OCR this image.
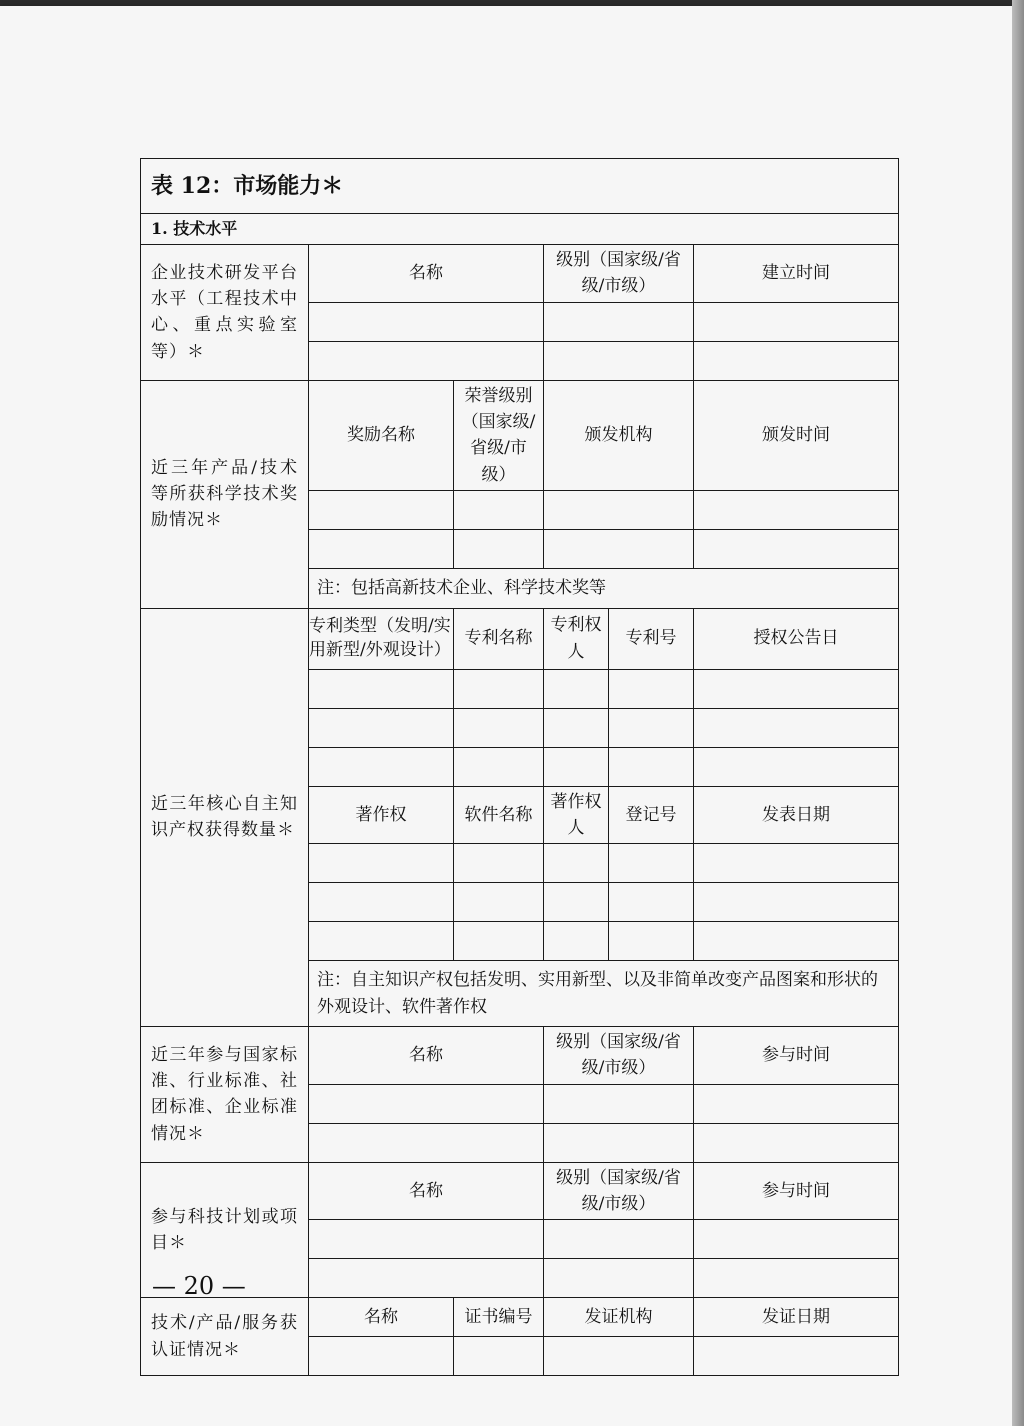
表 12：市场能力＊					
1. 技术水平					
企业技术研发平台水平（工程技术中心、重点实验室等）＊	名称		级别（国家级/省级/市级）		建立时间

近三年产品/技术等所获科学技术奖励情况＊	奖励名称	荣誉级别（国家级/省级/市级）	颁发机构		颁发时间

	注：包括高新技术企业、科学技术奖等				
近三年核心自主知识产权获得数量＊	专利类型（发明/实用新型/外观设计）	专利名称	专利权人	专利号	授权公告日

	著作权	软件名称	著作权人	登记号	发表日期

	注：自主知识产权包括发明、实用新型、以及非简单改变产品图案和形状的外观设计、软件著作权				
近三年参与国家标准、行业标准、社团标准、企业标准情况＊	名称		级别（国家级/省级/市级）		参与时间

参与科技计划或项目＊	名称		级别（国家级/省级/市级）		参与时间

技术/产品/服务获认证情况＊	名称	证书编号	发证机构		发证日期

— 20 —
